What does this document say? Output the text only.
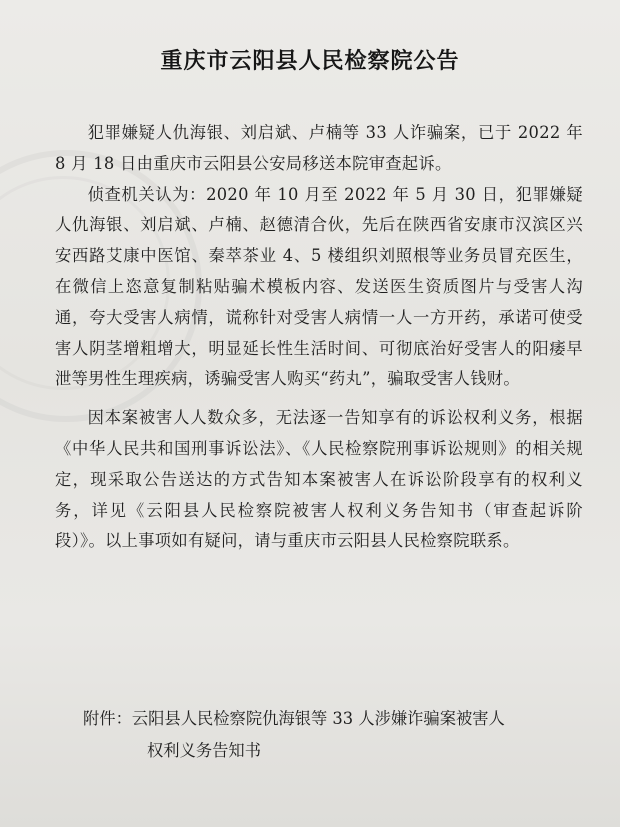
重庆市云阳县人民检察院公告

犯罪嫌疑人仇海银、刘启斌、卢楠等 33 人诈骗案，已于 2022 年 8 月 18 日由重庆市云阳县公安局移送本院审查起诉。

侦查机关认为：2020 年 10 月至 2022 年 5 月 30 日，犯罪嫌疑人仇海银、刘启斌、卢楠、赵德清合伙，先后在陕西省安康市汉滨区兴安西路艾康中医馆、秦萃茶业 4、5 楼组织刘照根等业务员冒充医生，在微信上恣意复制粘贴骗术模板内容、发送医生资质图片与受害人沟通，夸大受害人病情，谎称针对受害人病情一人一方开药，承诺可使受害人阴茎增粗增大，明显延长性生活时间、可彻底治好受害人的阳痿早泄等男性生理疾病，诱骗受害人购买“药丸”，骗取受害人钱财。

因本案被害人人数众多，无法逐一告知享有的诉讼权利义务，根据《中华人民共和国刑事诉讼法》、《人民检察院刑事诉讼规则》的相关规定，现采取公告送达的方式告知本案被害人在诉讼阶段享有的权利义务，详见《云阳县人民检察院被害人权利义务告知书（审查起诉阶段）》。以上事项如有疑问，请与重庆市云阳县人民检察院联系。

附件：云阳县人民检察院仇海银等 33 人涉嫌诈骗案被害人
权利义务告知书
